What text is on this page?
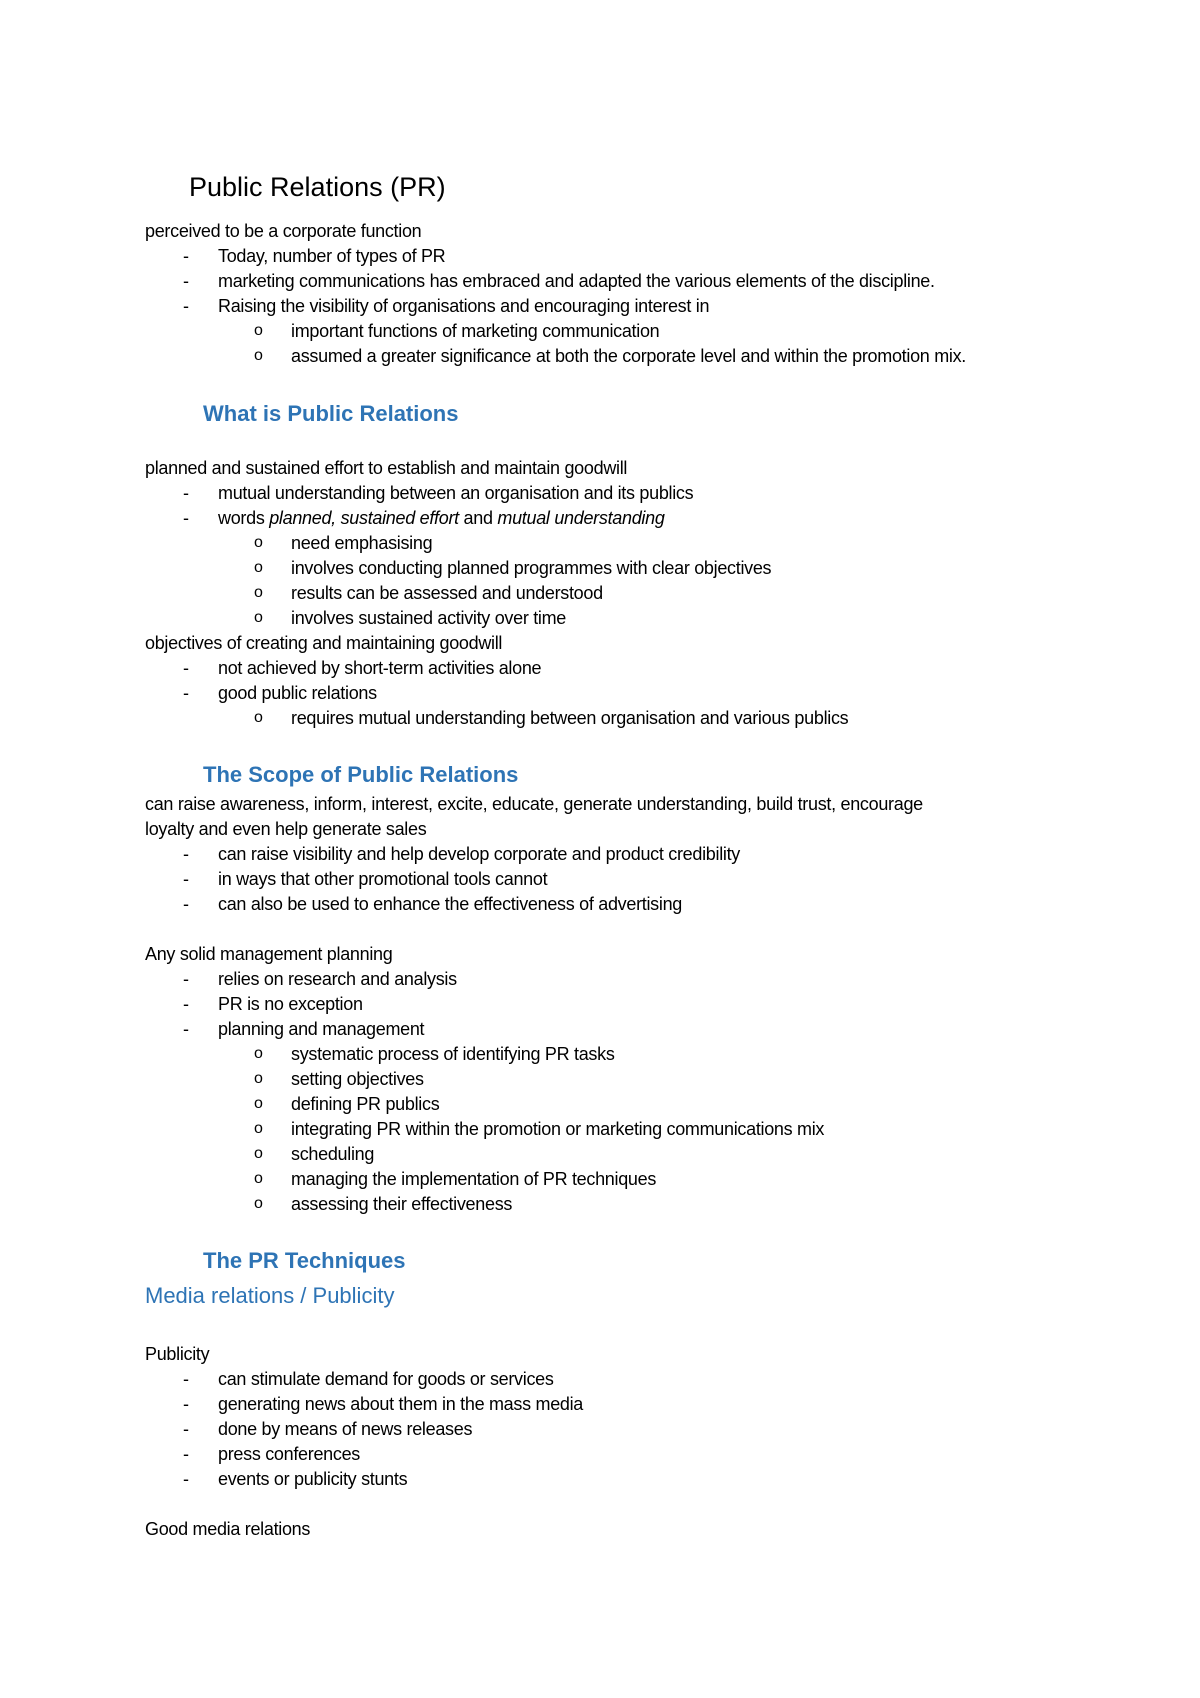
Public Relations (PR)
perceived to be a corporate function
- Today, number of types of PR
- marketing communications has embraced and adapted the various elements of the discipline.
- Raising the visibility of organisations and encouraging interest in
o important functions of marketing communication
o assumed a greater significance at both the corporate level and within the promotion mix.
What is Public Relations
planned and sustained effort to establish and maintain goodwill
- mutual understanding between an organisation and its publics
- words planned, sustained effort and mutual understanding
o need emphasising
o involves conducting planned programmes with clear objectives
o results can be assessed and understood
o involves sustained activity over time
objectives of creating and maintaining goodwill
- not achieved by short-term activities alone
- good public relations
o requires mutual understanding between organisation and various publics
The Scope of Public Relations
can raise awareness, inform, interest, excite, educate, generate understanding, build trust, encourage
loyalty and even help generate sales
- can raise visibility and help develop corporate and product credibility
- in ways that other promotional tools cannot
- can also be used to enhance the effectiveness of advertising
Any solid management planning
- relies on research and analysis
- PR is no exception
- planning and management
o systematic process of identifying PR tasks
o setting objectives
o defining PR publics
o integrating PR within the promotion or marketing communications mix
o scheduling
o managing the implementation of PR techniques
o assessing their effectiveness
The PR Techniques
Media relations / Publicity
Publicity
- can stimulate demand for goods or services
- generating news about them in the mass media
- done by means of news releases
- press conferences
- events or publicity stunts
Good media relations
